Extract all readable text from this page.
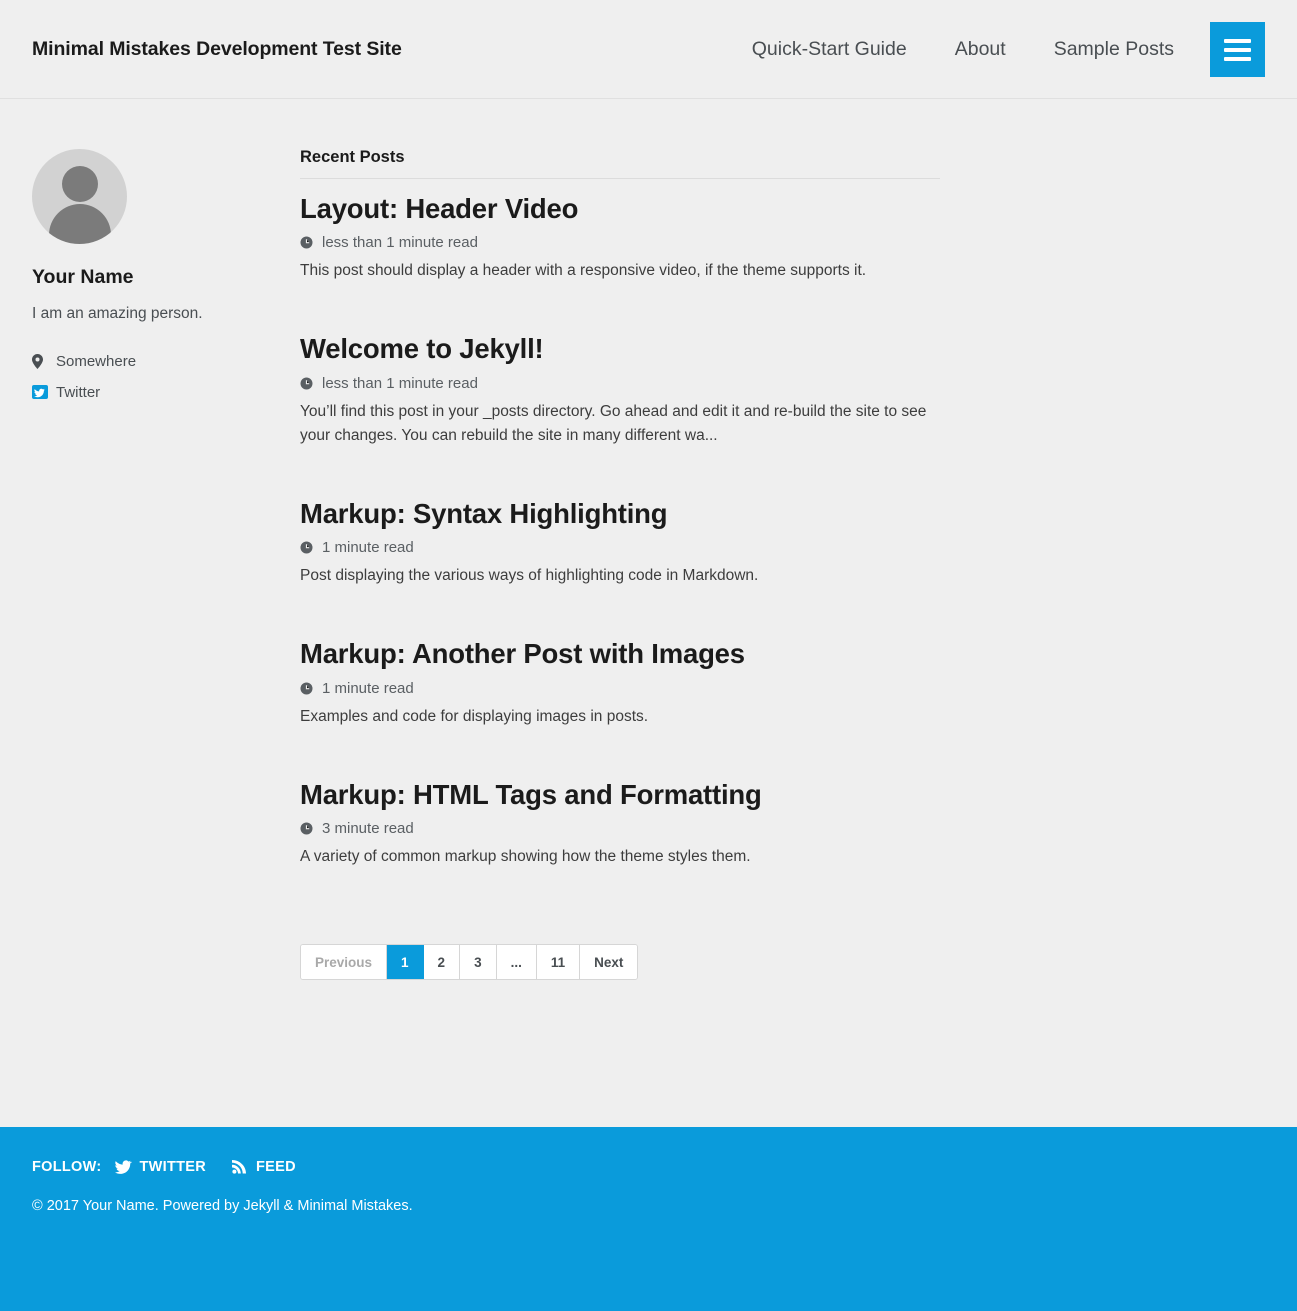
Minimal Mistakes Development Test Site	Quick-Start Guide	About	Sample Posts
Your Name

I am an amazing person.

Somewhere
Twitter
Recent Posts
Layout: Header Video

less than 1 minute read

This post should display a header with a responsive video, if the theme supports it.

Welcome to Jekyll!

less than 1 minute read

You’ll find this post in your _posts directory. Go ahead and edit it and re-build the site to see your changes. You can rebuild the site in many different wa...

Markup: Syntax Highlighting

1 minute read

Post displaying the various ways of highlighting code in Markdown.

Markup: Another Post with Images

1 minute read

Examples and code for displaying images in posts.

Markup: HTML Tags and Formatting

3 minute read

A variety of common markup showing how the theme styles them.

Previous	1	2	3	...	11	Next
FOLLOW:	TWITTER	FEED
© 2017 Your Name. Powered by Jekyll & Minimal Mistakes.
